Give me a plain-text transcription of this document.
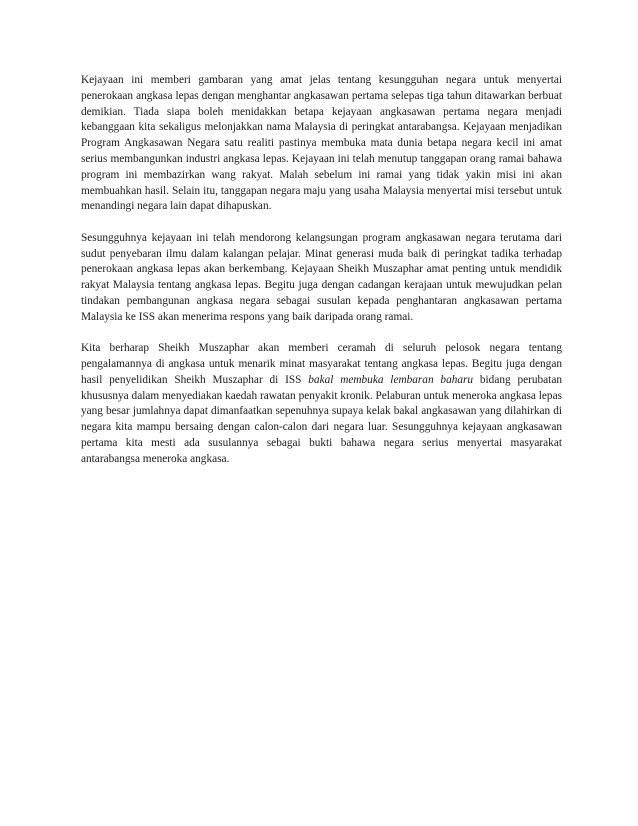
Kejayaan ini memberi gambaran yang amat jelas tentang kesungguhan negara untuk menyertai penerokaan angkasa lepas dengan menghantar angkasawan pertama selepas tiga tahun ditawarkan berbuat demikian. Tiada siapa boleh menidakkan betapa kejayaan angkasawan pertama negara menjadi kebanggaan kita sekaligus melonjakkan nama Malaysia di peringkat antarabangsa. Kejayaan menjadikan Program Angkasawan Negara satu realiti pastinya membuka mata dunia betapa negara kecil ini amat serius membangunkan industri angkasa lepas. Kejayaan ini telah menutup tanggapan orang ramai bahawa program ini membazirkan wang rakyat. Malah sebelum ini ramai yang tidak yakin misi ini akan membuahkan hasil. Selain itu, tanggapan negara maju yang usaha Malaysia menyertai misi tersebut untuk menandingi negara lain dapat dihapuskan.

Sesungguhnya kejayaan ini telah mendorong kelangsungan program angkasawan negara terutama dari sudut penyebaran ilmu dalam kalangan pelajar. Minat generasi muda baik di peringkat tadika terhadap penerokaan angkasa lepas akan berkembang. Kejayaan Sheikh Muszaphar amat penting untuk mendidik rakyat Malaysia tentang angkasa lepas. Begitu juga dengan cadangan kerajaan untuk mewujudkan pelan tindakan pembangunan angkasa negara sebagai susulan kepada penghantaran angkasawan pertama Malaysia ke ISS akan menerima respons yang baik daripada orang ramai.

Kita berharap Sheikh Muszaphar akan memberi ceramah di seluruh pelosok negara tentang pengalamannya di angkasa untuk menarik minat masyarakat tentang angkasa lepas. Begitu juga dengan hasil penyelidikan Sheikh Muszaphar di ISS bakal membuka lembaran baharu bidang perubatan khususnya dalam menyediakan kaedah rawatan penyakit kronik. Pelaburan untuk meneroka angkasa lepas yang besar jumlahnya dapat dimanfaatkan sepenuhnya supaya kelak bakal angkasawan yang dilahirkan di negara kita mampu bersaing dengan calon-calon dari negara luar. Sesungguhnya kejayaan angkasawan pertama kita mesti ada susulannya sebagai bukti bahawa negara serius menyertai masyarakat antarabangsa meneroka angkasa.
